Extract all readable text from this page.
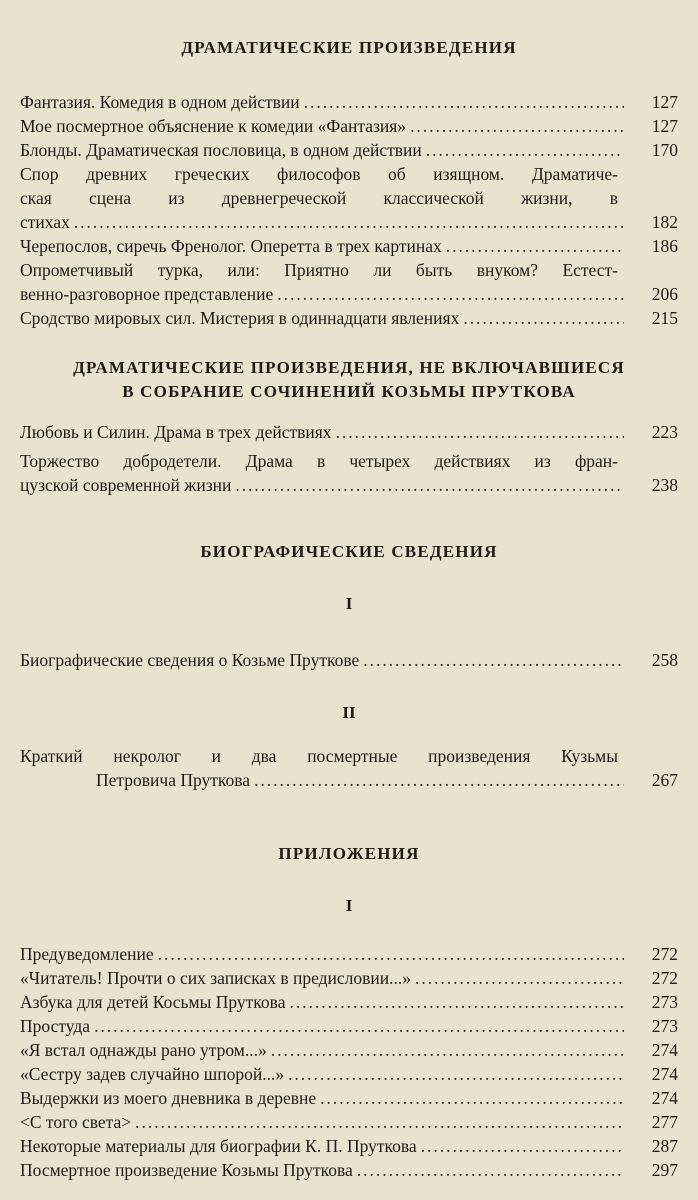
ДРАМАТИЧЕСКИЕ ПРОИЗВЕДЕНИЯ
Фантазия. Комедия в одном действии . . .	127
Мое посмертное объяснение к комедии «Фантазия» . . .	127
Блонды. Драматическая пословица, в одном действии . . .	170
Спор древних греческих философов об изящном. Драматиче-
ская сцена из древнегреческой классической жизни, в
стихах . . .	182
Черепослов, сиречь Френолог. Оперетта в трех картинах . . .	186
Опрометчивый турка, или: Приятно ли быть внуком? Естест-
венно-разговорное представление . . .	206
Сродство мировых сил. Мистерия в одиннадцати явлениях . . .	215
ДРАМАТИЧЕСКИЕ ПРОИЗВЕДЕНИЯ, НЕ ВКЛЮЧАВШИЕСЯ
В СОБРАНИЕ СОЧИНЕНИЙ КОЗЬМЫ ПРУТКОВА
Любовь и Силин. Драма в трех действиях . . .	223
Торжество добродетели. Драма в четырех действиях из фран-
цузской современной жизни . . .	238
БИОГРАФИЧЕСКИЕ СВЕДЕНИЯ
I
Биографические сведения о Козьме Пруткове . . .	258
II
Краткий некролог и два посмертные произведения Кузьмы
Петровича Пруткова . . .	267
ПРИЛОЖЕНИЯ
I
Предуведомление . . .	272
«Читатель! Прочти о сих записках в предисловии...» . . .	272
Азбука для детей Косьмы Пруткова . . .	273
Простуда . . .	273
«Я встал однажды рано утром...» . . .	274
«Сестру задев случайно шпорой...» . . .	274
Выдержки из моего дневника в деревне . . .	274
<С того света> . . .	277
Некоторые материалы для биографии К. П. Пруткова . . .	287
Посмертное произведение Козьмы Пруткова . . .	297
